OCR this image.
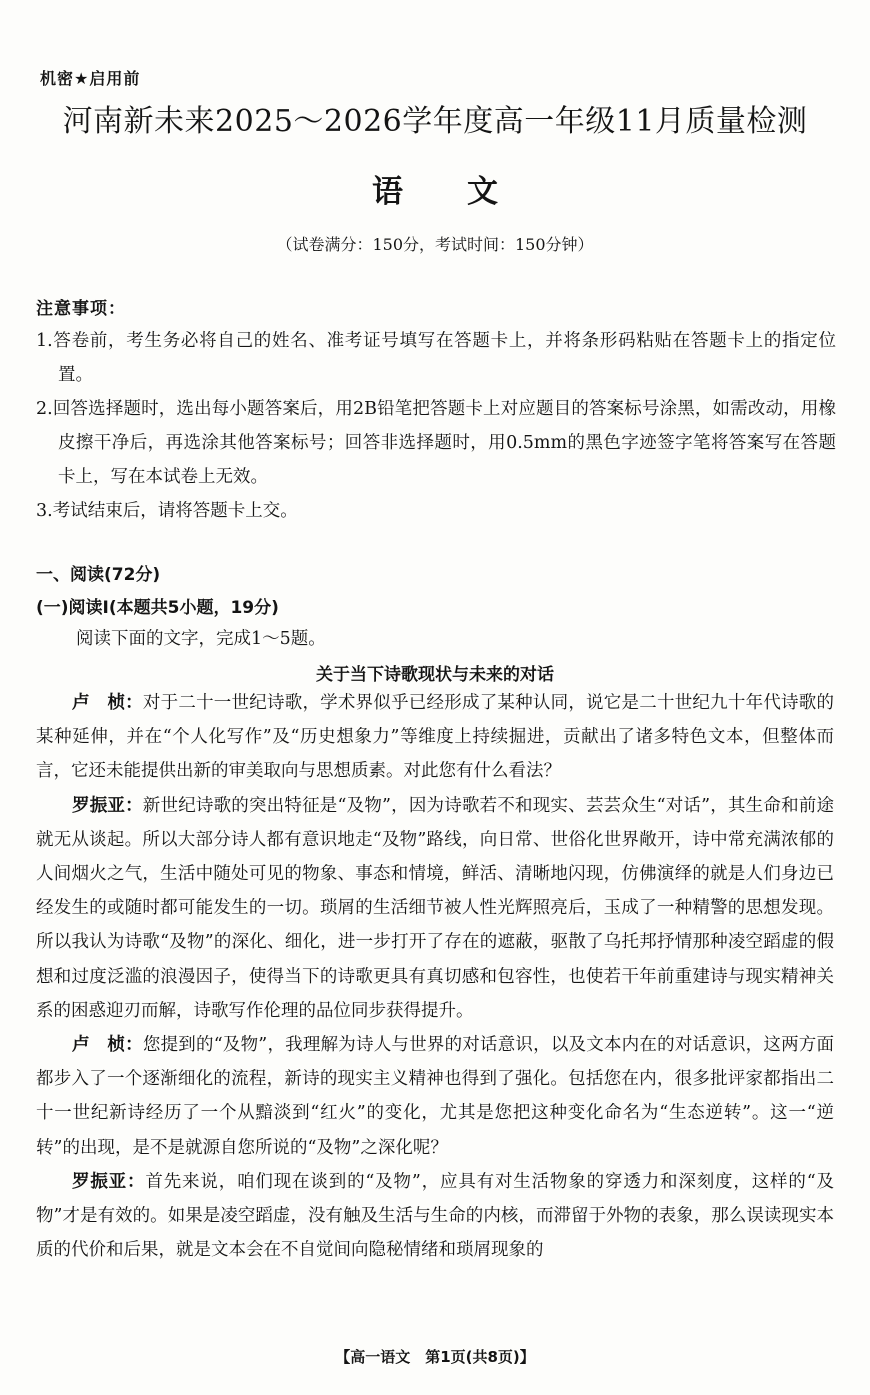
机密★启用前
河南新未来2025～2026学年度高一年级11月质量检测
语文
（试卷满分：150分，考试时间：150分钟）
注意事项：
1.答卷前，考生务必将自己的姓名、准考证号填写在答题卡上，并将条形码粘贴在答题卡上的指定位置。
2.回答选择题时，选出每小题答案后，用2B铅笔把答题卡上对应题目的答案标号涂黑，如需改动，用橡皮擦干净后，再选涂其他答案标号；回答非选择题时，用0.5mm的黑色字迹签字笔将答案写在答题卡上，写在本试卷上无效。
3.考试结束后，请将答题卡上交。
一、阅读(72分)
(一)阅读Ⅰ(本题共5小题，19分)
阅读下面的文字，完成1～5题。
关于当下诗歌现状与未来的对话

卢　桢：对于二十一世纪诗歌，学术界似乎已经形成了某种认同，说它是二十世纪九十年代诗歌的某种延伸，并在“个人化写作”及“历史想象力”等维度上持续掘进，贡献出了诸多特色文本，但整体而言，它还未能提供出新的审美取向与思想质素。对此您有什么看法？

罗振亚：新世纪诗歌的突出特征是“及物”，因为诗歌若不和现实、芸芸众生“对话”，其生命和前途就无从谈起。所以大部分诗人都有意识地走“及物”路线，向日常、世俗化世界敞开，诗中常充满浓郁的人间烟火之气，生活中随处可见的物象、事态和情境，鲜活、清晰地闪现，仿佛演绎的就是人们身边已经发生的或随时都可能发生的一切。琐屑的生活细节被人性光辉照亮后，玉成了一种精警的思想发现。所以我认为诗歌“及物”的深化、细化，进一步打开了存在的遮蔽，驱散了乌托邦抒情那种凌空蹈虚的假想和过度泛滥的浪漫因子，使得当下的诗歌更具有真切感和包容性，也使若干年前重建诗与现实精神关系的困惑迎刃而解，诗歌写作伦理的品位同步获得提升。

卢　桢：您提到的“及物”，我理解为诗人与世界的对话意识，以及文本内在的对话意识，这两方面都步入了一个逐渐细化的流程，新诗的现实主义精神也得到了强化。包括您在内，很多批评家都指出二十一世纪新诗经历了一个从黯淡到“红火”的变化，尤其是您把这种变化命名为“生态逆转”。这一“逆转”的出现，是不是就源自您所说的“及物”之深化呢？

罗振亚：首先来说，咱们现在谈到的“及物”，应具有对生活物象的穿透力和深刻度，这样的“及物”才是有效的。如果是凌空蹈虚，没有触及生活与生命的内核，而滞留于外物的表象，那么误读现实本质的代价和后果，就是文本会在不自觉间向隐秘情绪和琐屑现象的

【高一语文　第1页(共8页)】
